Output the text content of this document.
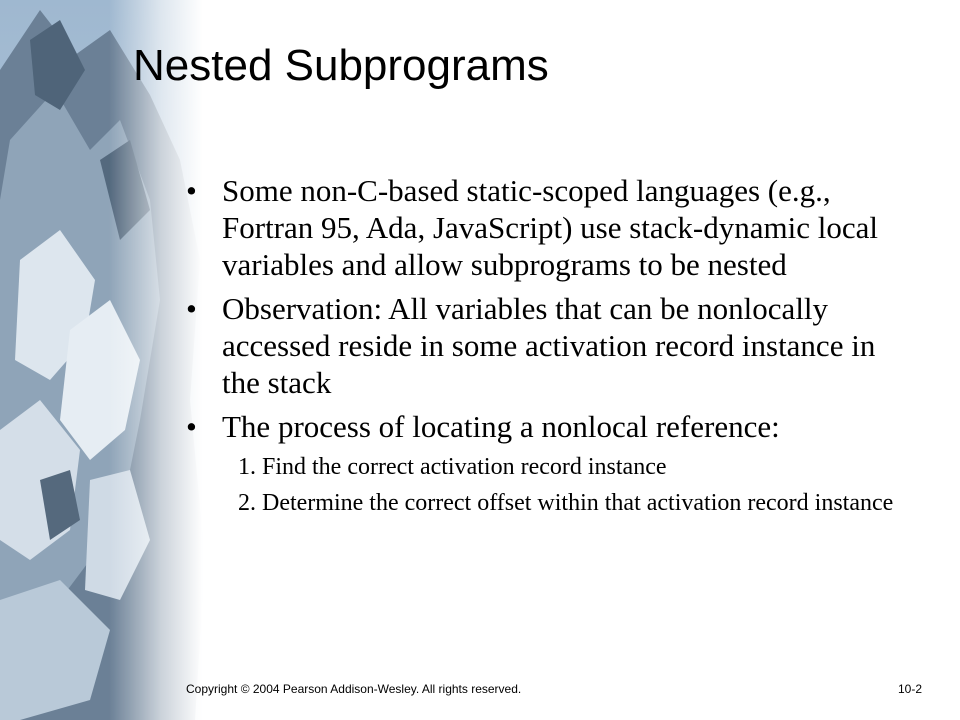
Nested Subprograms
• Some non-C-based static-scoped languages (e.g., Fortran 95, Ada, JavaScript) use stack-dynamic local variables and allow subprograms to be nested
• Observation: All variables that can be nonlocally accessed reside in some activation record instance in the stack
• The process of locating a nonlocal reference:
1. Find the correct activation record instance
2. Determine the correct offset within that activation record instance
Copyright © 2004 Pearson Addison-Wesley. All rights reserved.	10-2
